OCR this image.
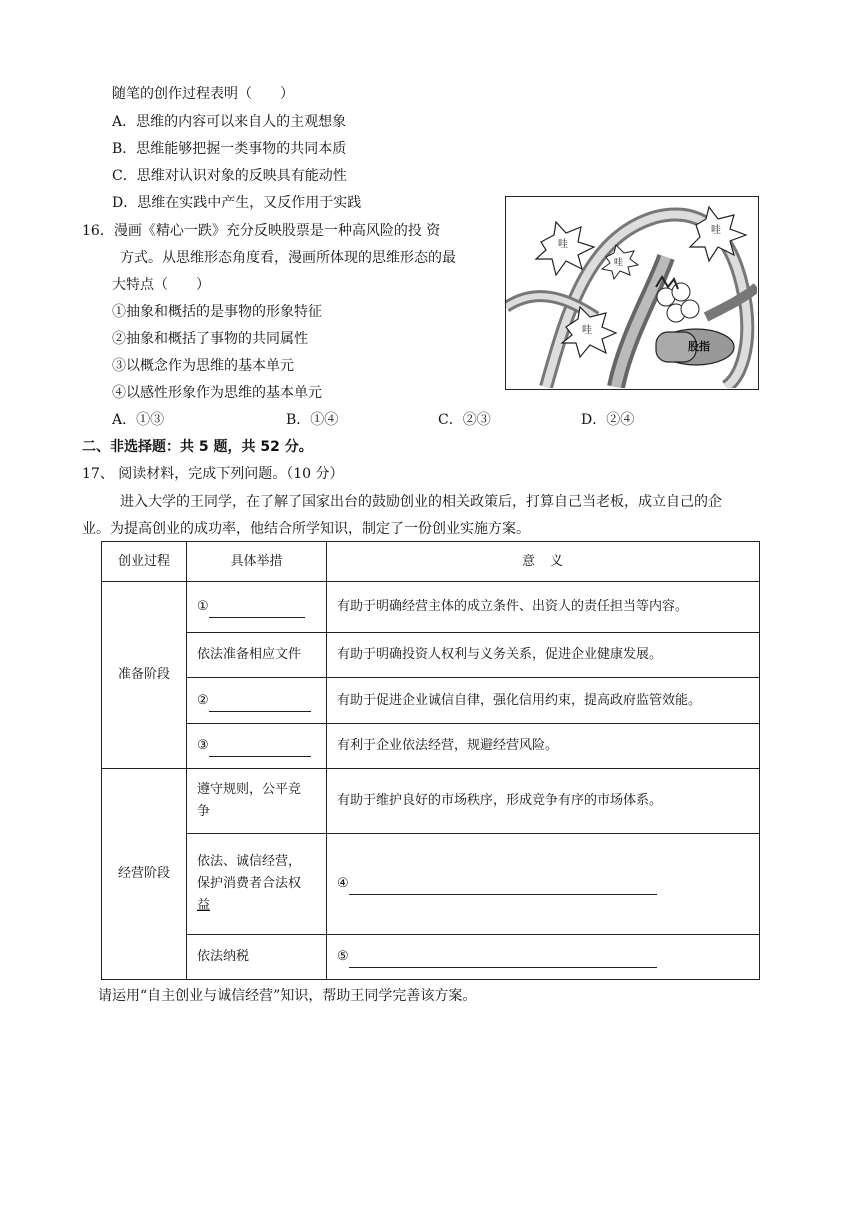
随笔的创作过程表明（　　）
A．思维的内容可以来自人的主观想象
B．思维能够把握一类事物的共同本质
C．思维对认识对象的反映具有能动性
D．思维在实践中产生，又反作用于实践
16．漫画《精心一跌》充分反映股票是一种高风险的投 资
方式。从思维形态角度看，漫画所体现的思维形态的最
大特点（　　）
①抽象和概括的是事物的形象特征
②抽象和概括了事物的共同属性
③以概念作为思维的基本单元
④以感性形象作为思维的基本单元
A．①③	B．①④	C．②③	D．②④
哇
哇
哇
哇
股指
二、非选择题：共 5 题，共 52 分。
17、 阅读材料，完成下列问题。（10 分）
进入大学的王同学，在了解了国家出台的鼓励创业的相关政策后，打算自己当老板，成立自己的企
业。为提高创业的成功率，他结合所学知识，制定了一份创业实施方案。
创业过程	具体举措	意　义
准备阶段	①	有助于明确经营主体的成立条件、出资人的责任担当等内容。
	依法准备相应文件	有助于明确投资人权利与义务关系，促进企业健康发展。
	②	有助于促进企业诚信自律，强化信用约束，提高政府监管效能。
	③	有利于企业依法经营，规避经营风险。
经营阶段	遵守规则，公平竞
争	有助于维护良好的市场秩序，形成竞争有序的市场体系。
	依法、诚信经营，
保护消费者合法权
益	④
	依法纳税	⑤
请运用“自主创业与诚信经营”知识，帮助王同学完善该方案。
